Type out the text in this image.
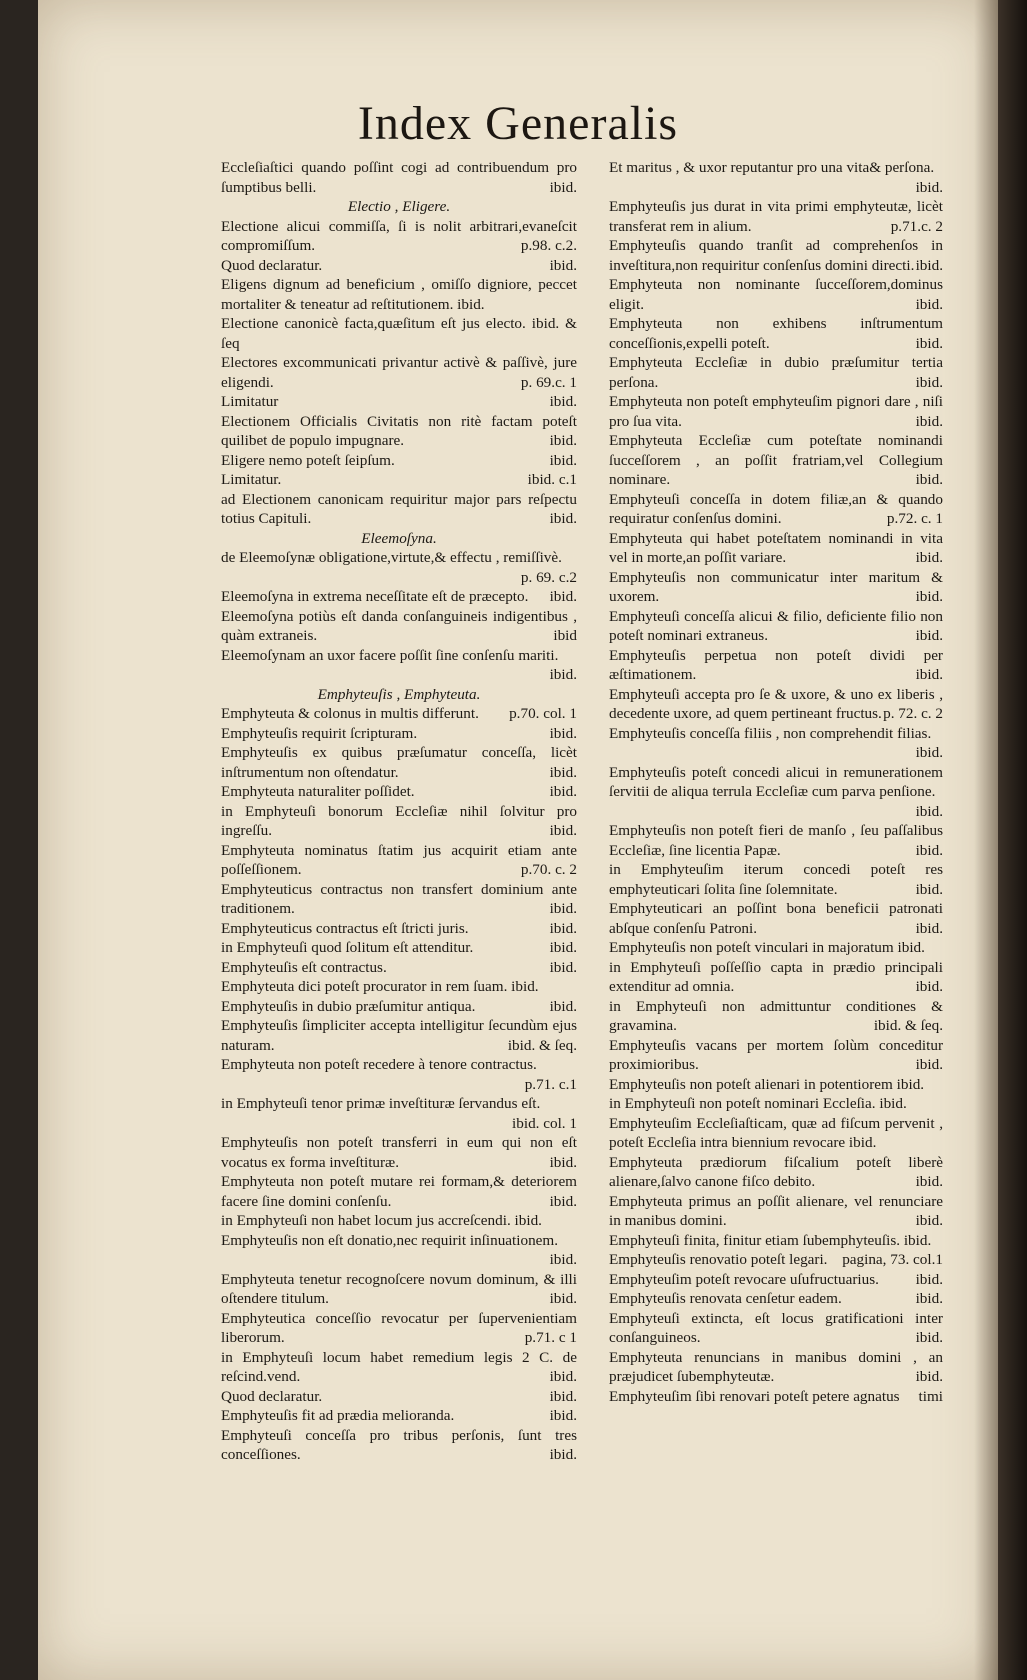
Index Generalis
Eccleſiaſtici quando poſſint cogi ad contribuendum pro ſumptibus belli.	ibid.
Electio , Eligere.
Electione alicui commiſſa, ſi is nolit arbitrari,evaneſcit compromiſſum.	p.98. c.2.
Quod declaratur.	ibid.
Eligens dignum ad beneficium , omiſſo digniore, peccet mortaliter & teneatur ad reſtitutionem. ibid.
Electione canonicè facta,quæſitum eſt jus electo. ibid. & ſeq
Electores excommunicati privantur activè & paſſivè, jure eligendi.	p. 69.c. 1
Limitatur	ibid.
Electionem Officialis Civitatis non ritè factam poteſt quilibet de populo impugnare.	ibid.
Eligere nemo poteſt ſeipſum.	ibid.
Limitatur.	ibid. c.1
ad Electionem canonicam requiritur major pars reſpectu totius Capituli.	ibid.
Eleemoſyna.
de Eleemoſynæ obligatione,virtute,& effectu , remiſſivè.
p. 69. c.2
Eleemoſyna in extrema neceſſitate eſt de præcepto. ibid.
Eleemoſyna potiùs eſt danda conſanguineis indigentibus , quàm extraneis.	ibid
Eleemoſynam an uxor facere poſſit ſine conſenſu mariti.
ibid.
Emphyteuſis , Emphyteuta.
Emphyteuta & colonus in multis differunt. p.70. col. 1
Emphyteuſis requirit ſcripturam.	ibid.
Emphyteuſis ex quibus præſumatur conceſſa, licèt inſtrumentum non oſtendatur.	ibid.
Emphyteuta naturaliter poſſidet.	ibid.
in Emphyteuſi bonorum Eccleſiæ nihil ſolvitur pro ingreſſu.	ibid.
Emphyteuta nominatus ſtatim jus acquirit etiam ante poſſeſſionem.	p.70. c. 2
Emphyteuticus contractus non transfert dominium ante traditionem.	ibid.
Emphyteuticus contractus eſt ſtricti juris.	ibid.
in Emphyteuſi quod ſolitum eſt attenditur.	ibid.
Emphyteuſis eſt contractus.	ibid.
Emphyteuta dici poteſt procurator in rem ſuam. ibid.
Emphyteuſis in dubio præſumitur antiqua.	ibid.
Emphyteuſis ſimpliciter accepta intelligitur ſecundùm ejus naturam.	ibid. & ſeq.
Emphyteuta non poteſt recedere à tenore contractus.
p.71. c.1
in Emphyteuſi tenor primæ inveſtituræ ſervandus eſt.
ibid. col. 1
Emphyteuſis non poteſt transferri in eum qui non eſt vocatus ex forma inveſtituræ.	ibid.
Emphyteuta non poteſt mutare rei formam,& deteriorem facere ſine domini conſenſu.	ibid.
in Emphyteuſi non habet locum jus accreſcendi. ibid.
Emphyteuſis non eſt donatio,nec requirit inſinuationem.
ibid.
Emphyteuta tenetur recognoſcere novum dominum, & illi oſtendere titulum.	ibid.
Emphyteutica conceſſio revocatur per ſupervenientiam liberorum.	p.71. c 1
in Emphyteuſi locum habet remedium legis 2 C. de reſcind.vend.	ibid.
Quod declaratur.	ibid.
Emphyteuſis fit ad prædia melioranda.	ibid.
Emphyteuſi conceſſa pro tribus perſonis, ſunt tres conceſſiones.	ibid.
Et maritus , & uxor reputantur pro una vita& perſona.
ibid.
Emphyteuſis jus durat in vita primi emphyteutæ, licèt transferat rem in alium.	p.71.c. 2
Emphyteuſis quando tranſit ad comprehenſos in inveſtitura,non requiritur conſenſus domini directi. ibid.
Emphyteuta non nominante ſucceſſorem,dominus eligit.	ibid.
Emphyteuta non exhibens inſtrumentum conceſſionis,expelli poteſt.	ibid.
Emphyteuta Eccleſiæ in dubio præſumitur tertia perſona.	ibid.
Emphyteuta non poteſt emphyteuſim pignori dare , niſi pro ſua vita.	ibid.
Emphyteuta Eccleſiæ cum poteſtate nominandi ſucceſſorem , an poſſit fratriam,vel Collegium nominare.	ibid.
Emphyteuſi conceſſa in dotem filiæ,an & quando requiratur conſenſus domini.	p.72. c. 1
Emphyteuta qui habet poteſtatem nominandi in vita vel in morte,an poſſit variare.	ibid.
Emphyteuſis non communicatur inter maritum & uxorem.	ibid.
Emphyteuſi conceſſa alicui & filio, deficiente filio non poteſt nominari extraneus.	ibid.
Emphyteuſis perpetua non poteſt dividi per æſtimationem.	ibid.
Emphyteuſi accepta pro ſe & uxore, & uno ex liberis , decedente uxore, ad quem pertineant fructus. p. 72. c. 2
Emphyteuſis conceſſa filiis , non comprehendit filias.
ibid.
Emphyteuſis poteſt concedi alicui in remunerationem ſervitii de aliqua terrula Eccleſiæ cum parva penſione.
ibid.
Emphyteuſis non poteſt fieri de manſo , ſeu paſſalibus Eccleſiæ, ſine licentia Papæ.	ibid.
in Emphyteuſim iterum concedi poteſt res emphyteuticari ſolita ſine ſolemnitate.	ibid.
Emphyteuticari an poſſint bona beneficii patronati abſque conſenſu Patroni.	ibid.
Emphyteuſis non poteſt vinculari in majoratum ibid.
in Emphyteuſi poſſeſſio capta in prædio principali extenditur ad omnia.	ibid.
in Emphyteuſi non admittuntur conditiones & gravamina.	ibid. & ſeq.
Emphyteuſis vacans per mortem ſolùm conceditur proximioribus.	ibid.
Emphyteuſis non poteſt alienari in potentiorem ibid.
in Emphyteuſi non poteſt nominari Eccleſia. ibid.
Emphyteuſim Eccleſiaſticam, quæ ad fiſcum pervenit , poteſt Eccleſia intra biennium revocare ibid.
Emphyteuta prædiorum fiſcalium poteſt liberè alienare,ſalvo canone fiſco debito.	ibid.
Emphyteuta primus an poſſit alienare, vel renunciare in manibus domini.	ibid.
Emphyteuſi finita, finitur etiam ſubemphyteuſis. ibid.
Emphyteuſis renovatio poteſt legari. pagina, 73. col.1
Emphyteuſim poteſt revocare uſufructuarius. ibid.
Emphyteuſis renovata cenſetur eadem.	ibid.
Emphyteuſi extincta, eſt locus gratificationi inter conſanguineos.	ibid.
Emphyteuta renuncians in manibus domini , an præjudicet ſubemphyteutæ.	ibid.
Emphyteuſim ſibi renovari poteſt petere agnatus timi
